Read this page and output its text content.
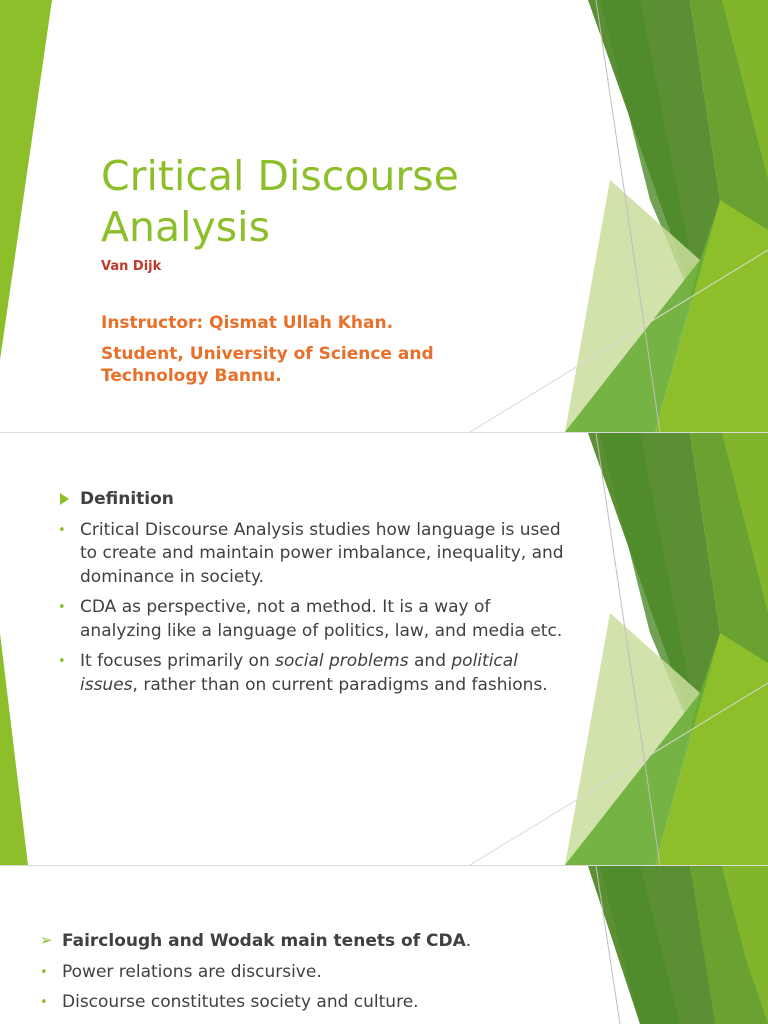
Critical Discourse Analysis
Van Dijk
Instructor: Qismat Ullah Khan.
Student, University of Science and Technology Bannu.
Definition
• Critical Discourse Analysis studies how language is used to create and maintain power imbalance, inequality, and dominance in society.
• CDA as perspective, not a method. It is a way of analyzing like a language of politics, law, and media etc.
• It focuses primarily on social problems and political issues, rather than on current paradigms and fashions.
➢ Fairclough and Wodak main tenets of CDA.
• Power relations are discursive.
• Discourse constitutes society and culture.
